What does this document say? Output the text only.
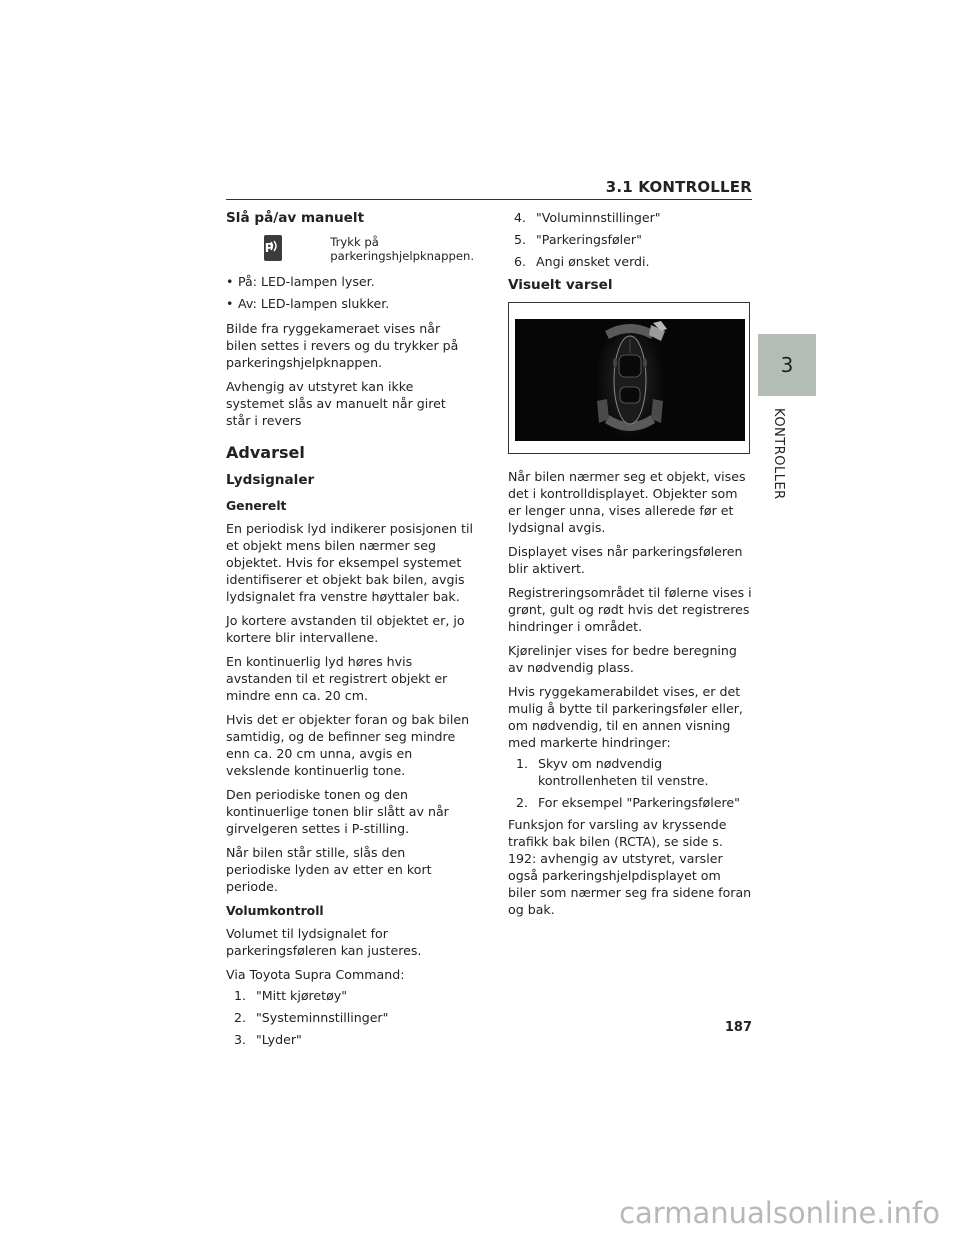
3.1 KONTROLLER
Slå på/av manuelt
P	Trykk på parkeringshjelpknappen.
• På: LED-lampen lyser.
• Av: LED-lampen slukker.

Bilde fra ryggekameraet vises når bilen settes i revers og du trykker på parkeringshjelpknappen.

Avhengig av utstyret kan ikke systemet slås av manuelt når giret står i revers

Advarsel
Lydsignaler
Generelt

En periodisk lyd indikerer posisjonen til et objekt mens bilen nærmer seg objektet. Hvis for eksempel systemet identifiserer et objekt bak bilen, avgis lydsignalet fra venstre høyttaler bak.

Jo kortere avstanden til objektet er, jo kortere blir intervallene.

En kontinuerlig lyd høres hvis avstanden til et registrert objekt er mindre enn ca. 20 cm.

Hvis det er objekter foran og bak bilen samtidig, og de befinner seg mindre enn ca. 20 cm unna, avgis en vekslende kontinuerlig tone.

Den periodiske tonen og den kontinuerlige tonen blir slått av når girvelgeren settes i P-stilling.

Når bilen står stille, slås den periodiske lyden av etter en kort periode.

Volumkontroll

Volumet til lydsignalet for parkeringsføleren kan justeres.

Via Toyota Supra Command:

1. "Mitt kjøretøy"
2. "Systeminnstillinger"
3. "Lyder"
4. "Voluminnstillinger"
5. "Parkeringsføler"
6. Angi ønsket verdi.
Visuelt varsel

Når bilen nærmer seg et objekt, vises det i kontrolldisplayet. Objekter som er lenger unna, vises allerede før et lydsignal avgis.

Displayet vises når parkeringsføleren blir aktivert.

Registreringsområdet til følerne vises i grønt, gult og rødt hvis det registreres hindringer i området.

Kjørelinjer vises for bedre beregning av nødvendig plass.

Hvis ryggekamerabildet vises, er det mulig å bytte til parkeringsføler eller, om nødvendig, til en annen visning med markerte hindringer:

1. Skyv om nødvendig kontrollenheten til venstre.
2. For eksempel "Parkeringsfølere"

Funksjon for varsling av kryssende trafikk bak bilen (RCTA), se side s. 192: avhengig av utstyret, varsler også parkeringshjelpdisplayet om biler som nærmer seg fra sidene foran og bak.

3
KONTROLLER
187
carmanualsonline.info
